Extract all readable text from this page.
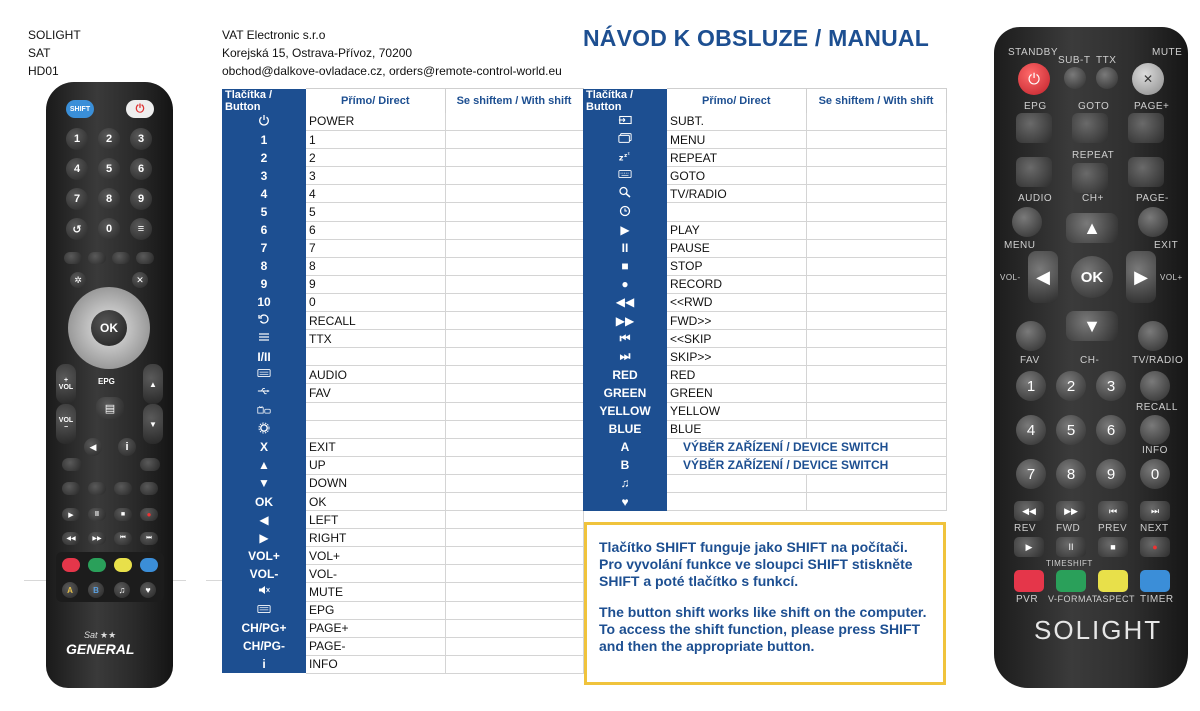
SOLIGHT
SAT
HD01
VAT Electronic s.r.o
Korejská 15, Ostrava-Přívoz, 70200
obchod@dalkove-ovladace.cz, orders@remote-control-world.eu
NÁVOD K OBSLUZE / MANUAL
Tlačítka / Button	Přímo/ Direct	Se shiftem / With shift
	POWER	
1	1	
2	2	
3	3	
4	4	
5	5	
6	6	
7	7	
8	8	
9	9	
10	0	
	RECALL	
	TTX	
I/II		
	AUDIO	
	FAV	

X	EXIT	
▲	UP	
▼	DOWN	
OK	OK	
◀	LEFT	
▶	RIGHT	
VOL+	VOL+	
VOL-	VOL-	
	MUTE	
	EPG	
CH/PG+	PAGE+	
CH/PG-	PAGE-	
i	INFO	
Tlačítka / Button	Přímo/ Direct	Se shiftem / With shift
	SUBT.	
	MENU	

z z z	REPEAT	
	GOTO	
	TV/RADIO	

▶	PLAY	
II	PAUSE	
■	STOP	
●	RECORD	
◀◀	<<RWD	
▶▶	FWD>>	
⏮	<<SKIP	
⏭	SKIP>>	
RED	RED	
GREEN	GREEN	
YELLOW	YELLOW	
BLUE	BLUE	
A	VÝBĚR ZAŘÍZENÍ / DEVICE SWITCH	
B	VÝBĚR ZAŘÍZENÍ / DEVICE SWITCH	
♫		
♥		

Tlačítko SHIFT funguje jako SHIFT na počítači. Pro vyvolání funkce ve sloupci SHIFT stiskněte SHIFT a poté tlačítko s funkcí.

The button shift works like shift on the computer. To access the shift function, please press SHIFT and then the appropriate button.

SHIFT	⏻
1	2	3
4	5	6
7	8	9
↺	0	≡
✲	✕
OK
+
VOL	▲
EPG
▤
VOL
−	▼
◀	i
▶	II	■	●
◀◀	▶▶	⏮	⏭
A	B	♫	♥
Sat ★★
GENERAL
STANDBY
SUB-T TTX
MUTE
⏻	✕
EPG	GOTO PAGE+
REPEAT
AUDIO	CH+	PAGE-
MENU	EXIT
VOL-	VOL+
▲
▼
◀	▶
OK
FAV	CH-	TV/RADIO
1	2	3
RECALL
4	5	6
INFO
7	8	9	0
◀◀	▶▶	⏮	⏭
REV FWD PREV NEXT
▶	II	■	●
TIMESHIFT
PVR V-FORMAT
ASPECT TIMER
SOLIGHT
